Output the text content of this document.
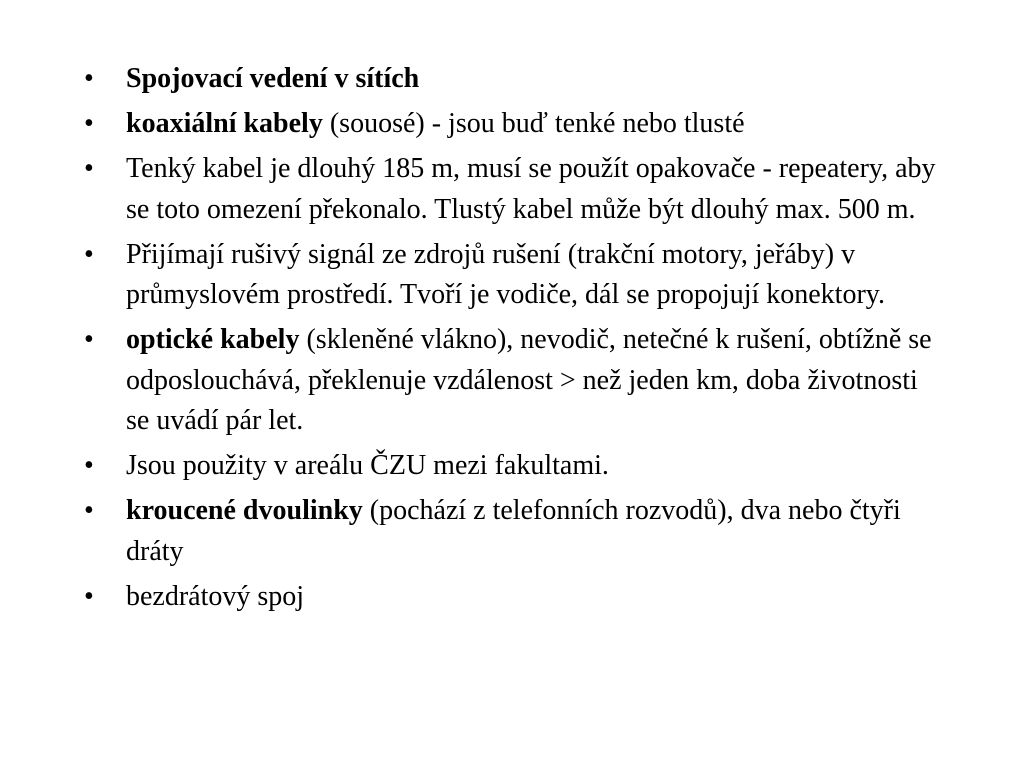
•	Spojovací vedení v sítích
•	koaxiální kabely (souosé) - jsou buď tenké nebo tlusté
•	Tenký kabel je dlouhý 185 m, musí se použít opakovače - repeatery, aby se toto omezení překonalo. Tlustý kabel může být dlouhý max. 500 m.
•	Přijímají rušivý signál ze zdrojů rušení (trakční motory, jeřáby) v průmyslovém prostředí. Tvoří je vodiče, dál se propojují konektory.
•	optické kabely (skleněné vlákno), nevodič, netečné k rušení, obtížně se odposlouchává, překlenuje vzdálenost > než jeden km, doba životnosti se uvádí pár let.
•	Jsou použity v areálu ČZU mezi fakultami.
•	kroucené dvoulinky (pochází z telefonních rozvodů), dva nebo čtyři dráty
•	bezdrátový spoj
